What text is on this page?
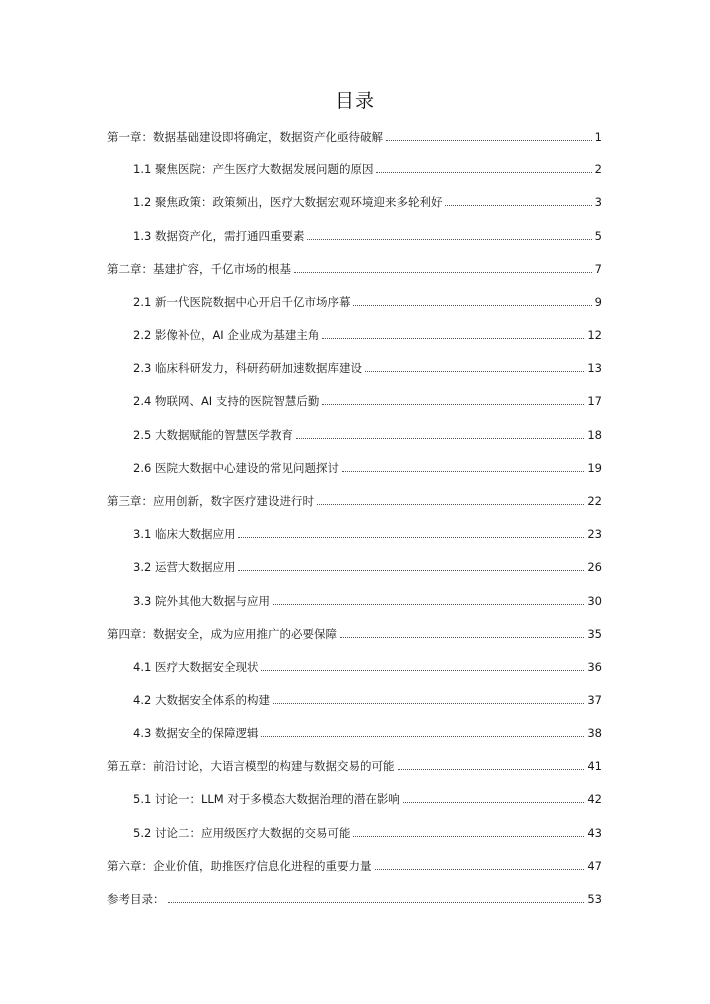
目录
第一章：数据基础建设即将确定，数据资产化亟待破解	1
1.1 聚焦医院：产生医疗大数据发展问题的原因	2
1.2 聚焦政策：政策频出，医疗大数据宏观环境迎来多轮利好	3
1.3 数据资产化，需打通四重要素	5
第二章：基建扩容，千亿市场的根基	7
2.1 新一代医院数据中心开启千亿市场序幕	9
2.2 影像补位，AI 企业成为基建主角	12
2.3 临床科研发力，科研药研加速数据库建设	13
2.4 物联网、AI 支持的医院智慧后勤	17
2.5 大数据赋能的智慧医学教育	18
2.6 医院大数据中心建设的常见问题探讨	19
第三章：应用创新，数字医疗建设进行时	22
3.1 临床大数据应用	23
3.2 运营大数据应用	26
3.3 院外其他大数据与应用	30
第四章：数据安全，成为应用推广的必要保障	35
4.1 医疗大数据安全现状	36
4.2 大数据安全体系的构建	37
4.3 数据安全的保障逻辑	38
第五章：前沿讨论，大语言模型的构建与数据交易的可能	41
5.1 讨论一：LLM 对于多模态大数据治理的潜在影响	42
5.2 讨论二：应用级医疗大数据的交易可能	43
第六章：企业价值，助推医疗信息化进程的重要力量	47
参考目录：	53
